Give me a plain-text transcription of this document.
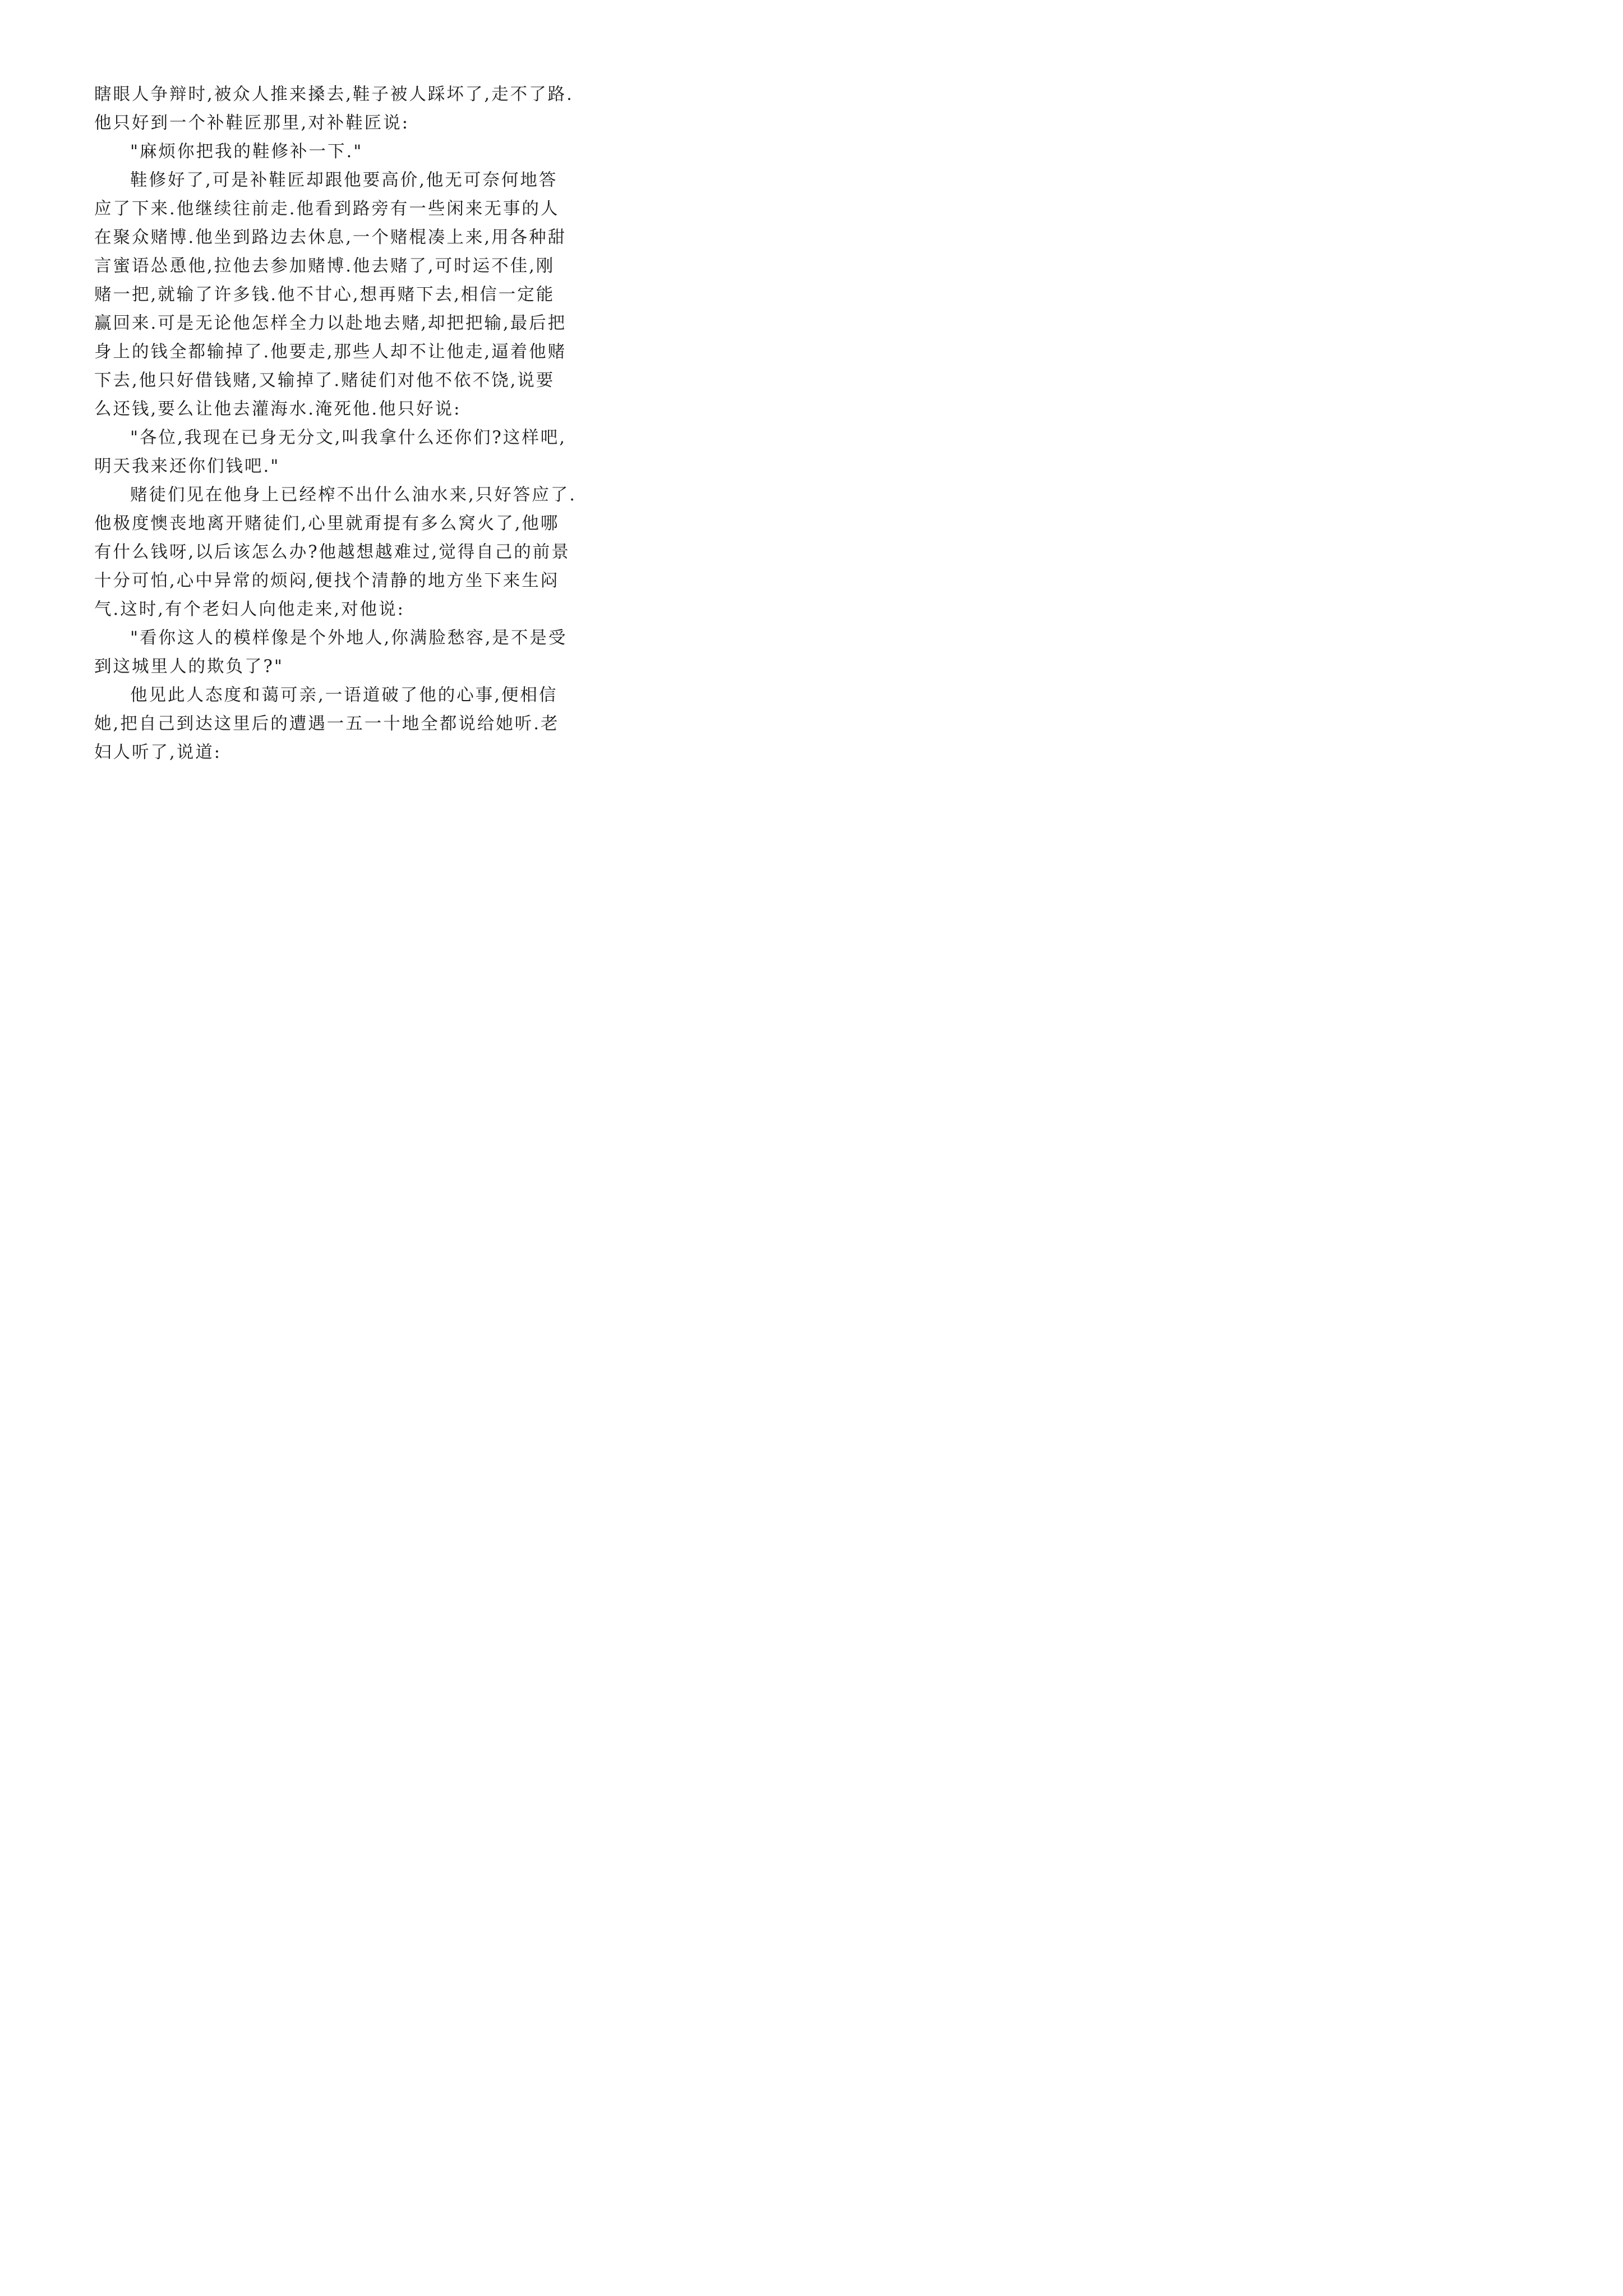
瞎眼人争辩时,被众人推来搡去,鞋子被人踩坏了,走不了路.
他只好到一个补鞋匠那里,对补鞋匠说:
"麻烦你把我的鞋修补一下."
鞋修好了,可是补鞋匠却跟他要高价,他无可奈何地答
应了下来.他继续往前走.他看到路旁有一些闲来无事的人
在聚众赌博.他坐到路边去休息,一个赌棍凑上来,用各种甜
言蜜语怂恿他,拉他去参加赌博.他去赌了,可时运不佳,刚
赌一把,就输了许多钱.他不甘心,想再赌下去,相信一定能
赢回来.可是无论他怎样全力以赴地去赌,却把把输,最后把
身上的钱全都输掉了.他要走,那些人却不让他走,逼着他赌
下去,他只好借钱赌,又输掉了.赌徒们对他不依不饶,说要
么还钱,要么让他去灌海水.淹死他.他只好说:
"各位,我现在已身无分文,叫我拿什么还你们?这样吧,
明天我来还你们钱吧."
赌徒们见在他身上已经榨不出什么油水来,只好答应了.
他极度懊丧地离开赌徒们,心里就甭提有多么窝火了,他哪
有什么钱呀,以后该怎么办?他越想越难过,觉得自己的前景
十分可怕,心中异常的烦闷,便找个清静的地方坐下来生闷
气.这时,有个老妇人向他走来,对他说:
"看你这人的模样像是个外地人,你满脸愁容,是不是受
到这城里人的欺负了?"
他见此人态度和蔼可亲,一语道破了他的心事,便相信
她,把自己到达这里后的遭遇一五一十地全都说给她听.老
妇人听了,说道:
